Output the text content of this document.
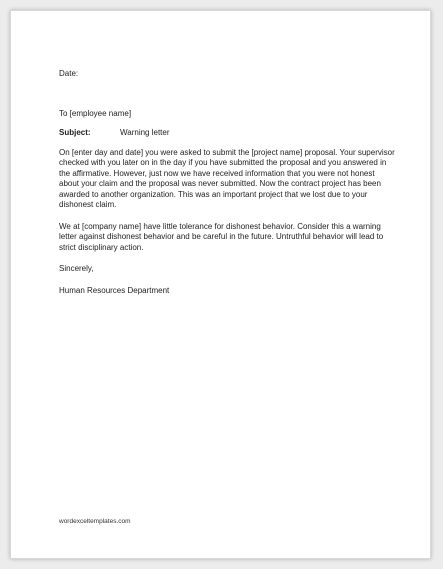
Date:

To [employee name]

Subject:	Warning letter

On [enter day and date] you were asked to submit the [project name] proposal. Your supervisor

checked with you later on in the day if you have submitted the proposal and you answered in

the affirmative. However, just now we have received information that you were not honest

about your claim and the proposal was never submitted. Now the contract project has been

awarded to another organization. This was an important project that we lost due to your

dishonest claim.

We at [company name] have little tolerance for dishonest behavior. Consider this a warning

letter against dishonest behavior and be careful in the future. Untruthful behavior will lead to

strict disciplinary action.

Sincerely,

Human Resources Department

wordexceltemplates.com
